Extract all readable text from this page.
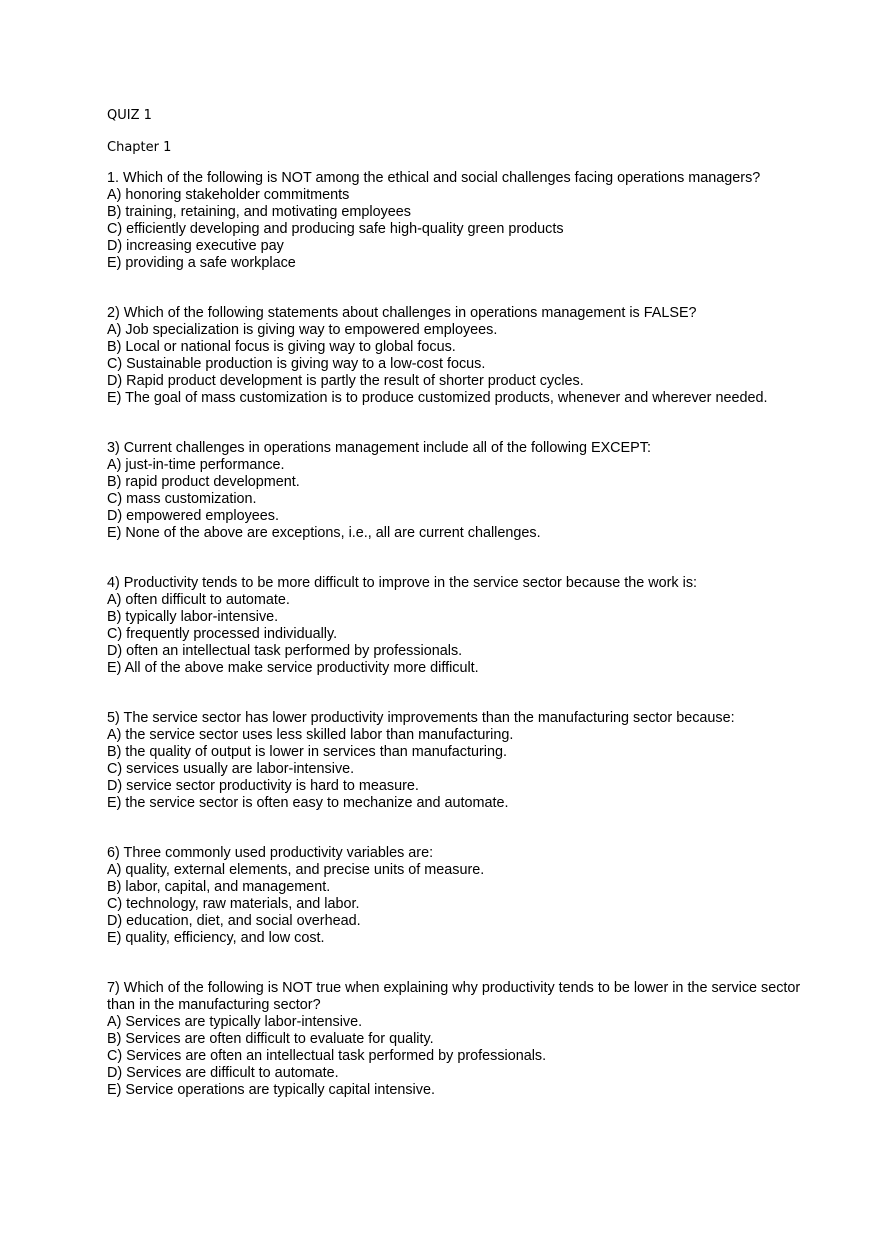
QUIZ 1
Chapter 1
1. Which of the following is NOT among the ethical and social challenges facing operations managers?
A) honoring stakeholder commitments
B) training, retaining, and motivating employees
C) efficiently developing and producing safe high-quality green products
D) increasing executive pay
E) providing a safe workplace
2) Which of the following statements about challenges in operations management is FALSE?
A) Job specialization is giving way to empowered employees.
B) Local or national focus is giving way to global focus.
C) Sustainable production is giving way to a low-cost focus.
D) Rapid product development is partly the result of shorter product cycles.
E) The goal of mass customization is to produce customized products, whenever and wherever needed.
3) Current challenges in operations management include all of the following EXCEPT:
A) just-in-time performance.
B) rapid product development.
C) mass customization.
D) empowered employees.
E) None of the above are exceptions, i.e., all are current challenges.
4) Productivity tends to be more difficult to improve in the service sector because the work is:
A) often difficult to automate.
B) typically labor-intensive.
C) frequently processed individually.
D) often an intellectual task performed by professionals.
E) All of the above make service productivity more difficult.
5) The service sector has lower productivity improvements than the manufacturing sector because:
A) the service sector uses less skilled labor than manufacturing.
B) the quality of output is lower in services than manufacturing.
C) services usually are labor-intensive.
D) service sector productivity is hard to measure.
E) the service sector is often easy to mechanize and automate.
6) Three commonly used productivity variables are:
A) quality, external elements, and precise units of measure.
B) labor, capital, and management.
C) technology, raw materials, and labor.
D) education, diet, and social overhead.
E) quality, efficiency, and low cost.
7) Which of the following is NOT true when explaining why productivity tends to be lower in the service sector than in the manufacturing sector?
A) Services are typically labor-intensive.
B) Services are often difficult to evaluate for quality.
C) Services are often an intellectual task performed by professionals.
D) Services are difficult to automate.
E) Service operations are typically capital intensive.
